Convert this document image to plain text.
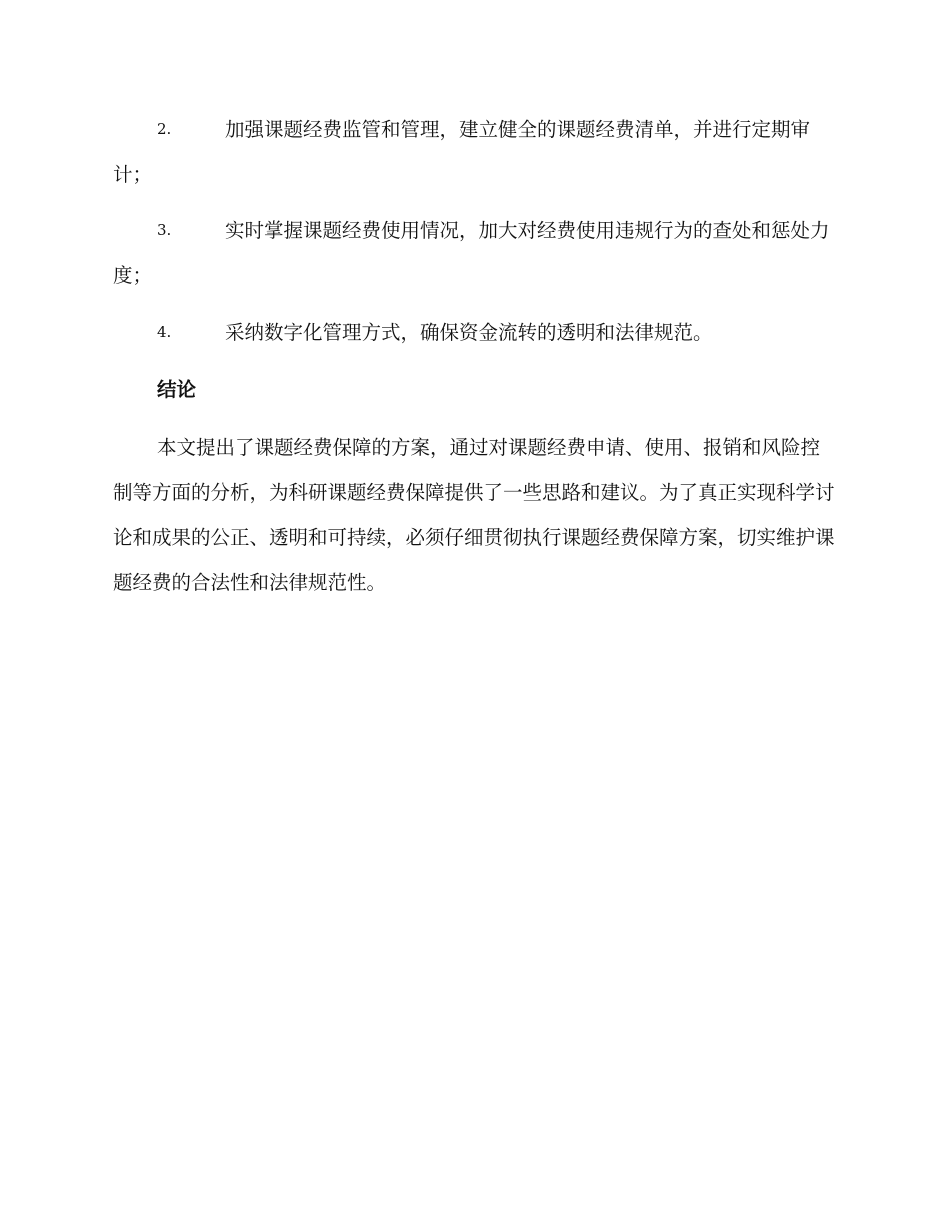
2.	加强课题经费监管和管理，建立健全的课题经费清单，并进行定期审计；
3.	实时掌握课题经费使用情况，加大对经费使用违规行为的查处和惩处力度；
4.	采纳数字化管理方式，确保资金流转的透明和法律规范。
结论
本文提出了课题经费保障的方案，通过对课题经费申请、使用、报销和风险控制等方面的分析，为科研课题经费保障提供了一些思路和建议。为了真正实现科学讨论和成果的公正、透明和可持续，必须仔细贯彻执行课题经费保障方案，切实维护课题经费的合法性和法律规范性。
